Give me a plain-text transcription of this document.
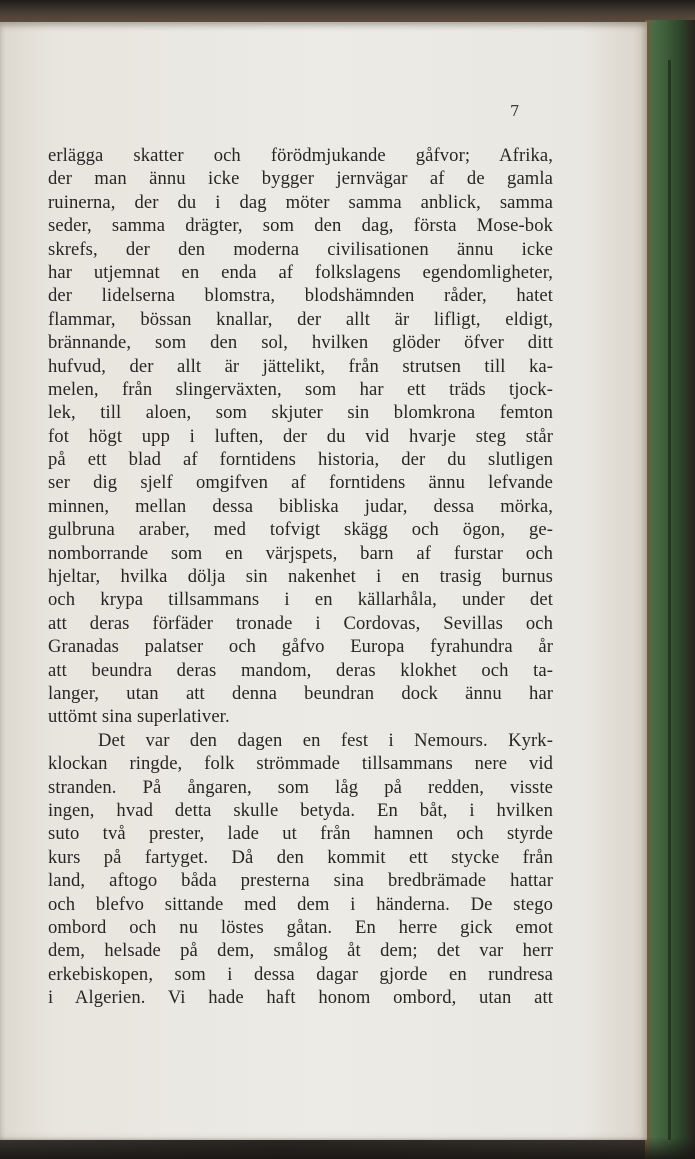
7
erlägga skatter och förödmjukande gåfvor; Afrika,
der man ännu icke bygger jernvägar af de gamla
ruinerna, der du i dag möter samma anblick, samma
seder, samma drägter, som den dag, första Mose-bok
skrefs, der den moderna civilisationen ännu icke
har utjemnat en enda af folkslagens egendomligheter,
der lidelserna blomstra, blodshämnden råder, hatet
flammar, bössan knallar, der allt är lifligt, eldigt,
brännande, som den sol, hvilken glöder öfver ditt
hufvud, der allt är jättelikt, från strutsen till ka-
melen, från slingerväxten, som har ett träds tjock-
lek, till aloen, som skjuter sin blomkrona femton
fot högt upp i luften, der du vid hvarje steg står
på ett blad af forntidens historia, der du slutligen
ser dig sjelf omgifven af forntidens ännu lefvande
minnen, mellan dessa bibliska judar, dessa mörka,
gulbruna araber, med tofvigt skägg och ögon, ge-
nomborrande som en värjspets, barn af furstar och
hjeltar, hvilka dölja sin nakenhet i en trasig burnus
och krypa tillsammans i en källarhåla, under det
att deras förfäder tronade i Cordovas, Sevillas och
Granadas palatser och gåfvo Europa fyrahundra år
att beundra deras mandom, deras klokhet och ta-
langer, utan att denna beundran dock ännu har
uttömt sina superlativer.
Det var den dagen en fest i Nemours. Kyrk-
klockan ringde, folk strömmade tillsammans nere vid
stranden. På ångaren, som låg på redden, visste
ingen, hvad detta skulle betyda. En båt, i hvilken
suto två prester, lade ut från hamnen och styrde
kurs på fartyget. Då den kommit ett stycke från
land, aftogo båda presterna sina bredbrämade hattar
och blefvo sittande med dem i händerna. De stego
ombord och nu löstes gåtan. En herre gick emot
dem, helsade på dem, smålog åt dem; det var herr
erkebiskopen, som i dessa dagar gjorde en rundresa
i Algerien. Vi hade haft honom ombord, utan att
